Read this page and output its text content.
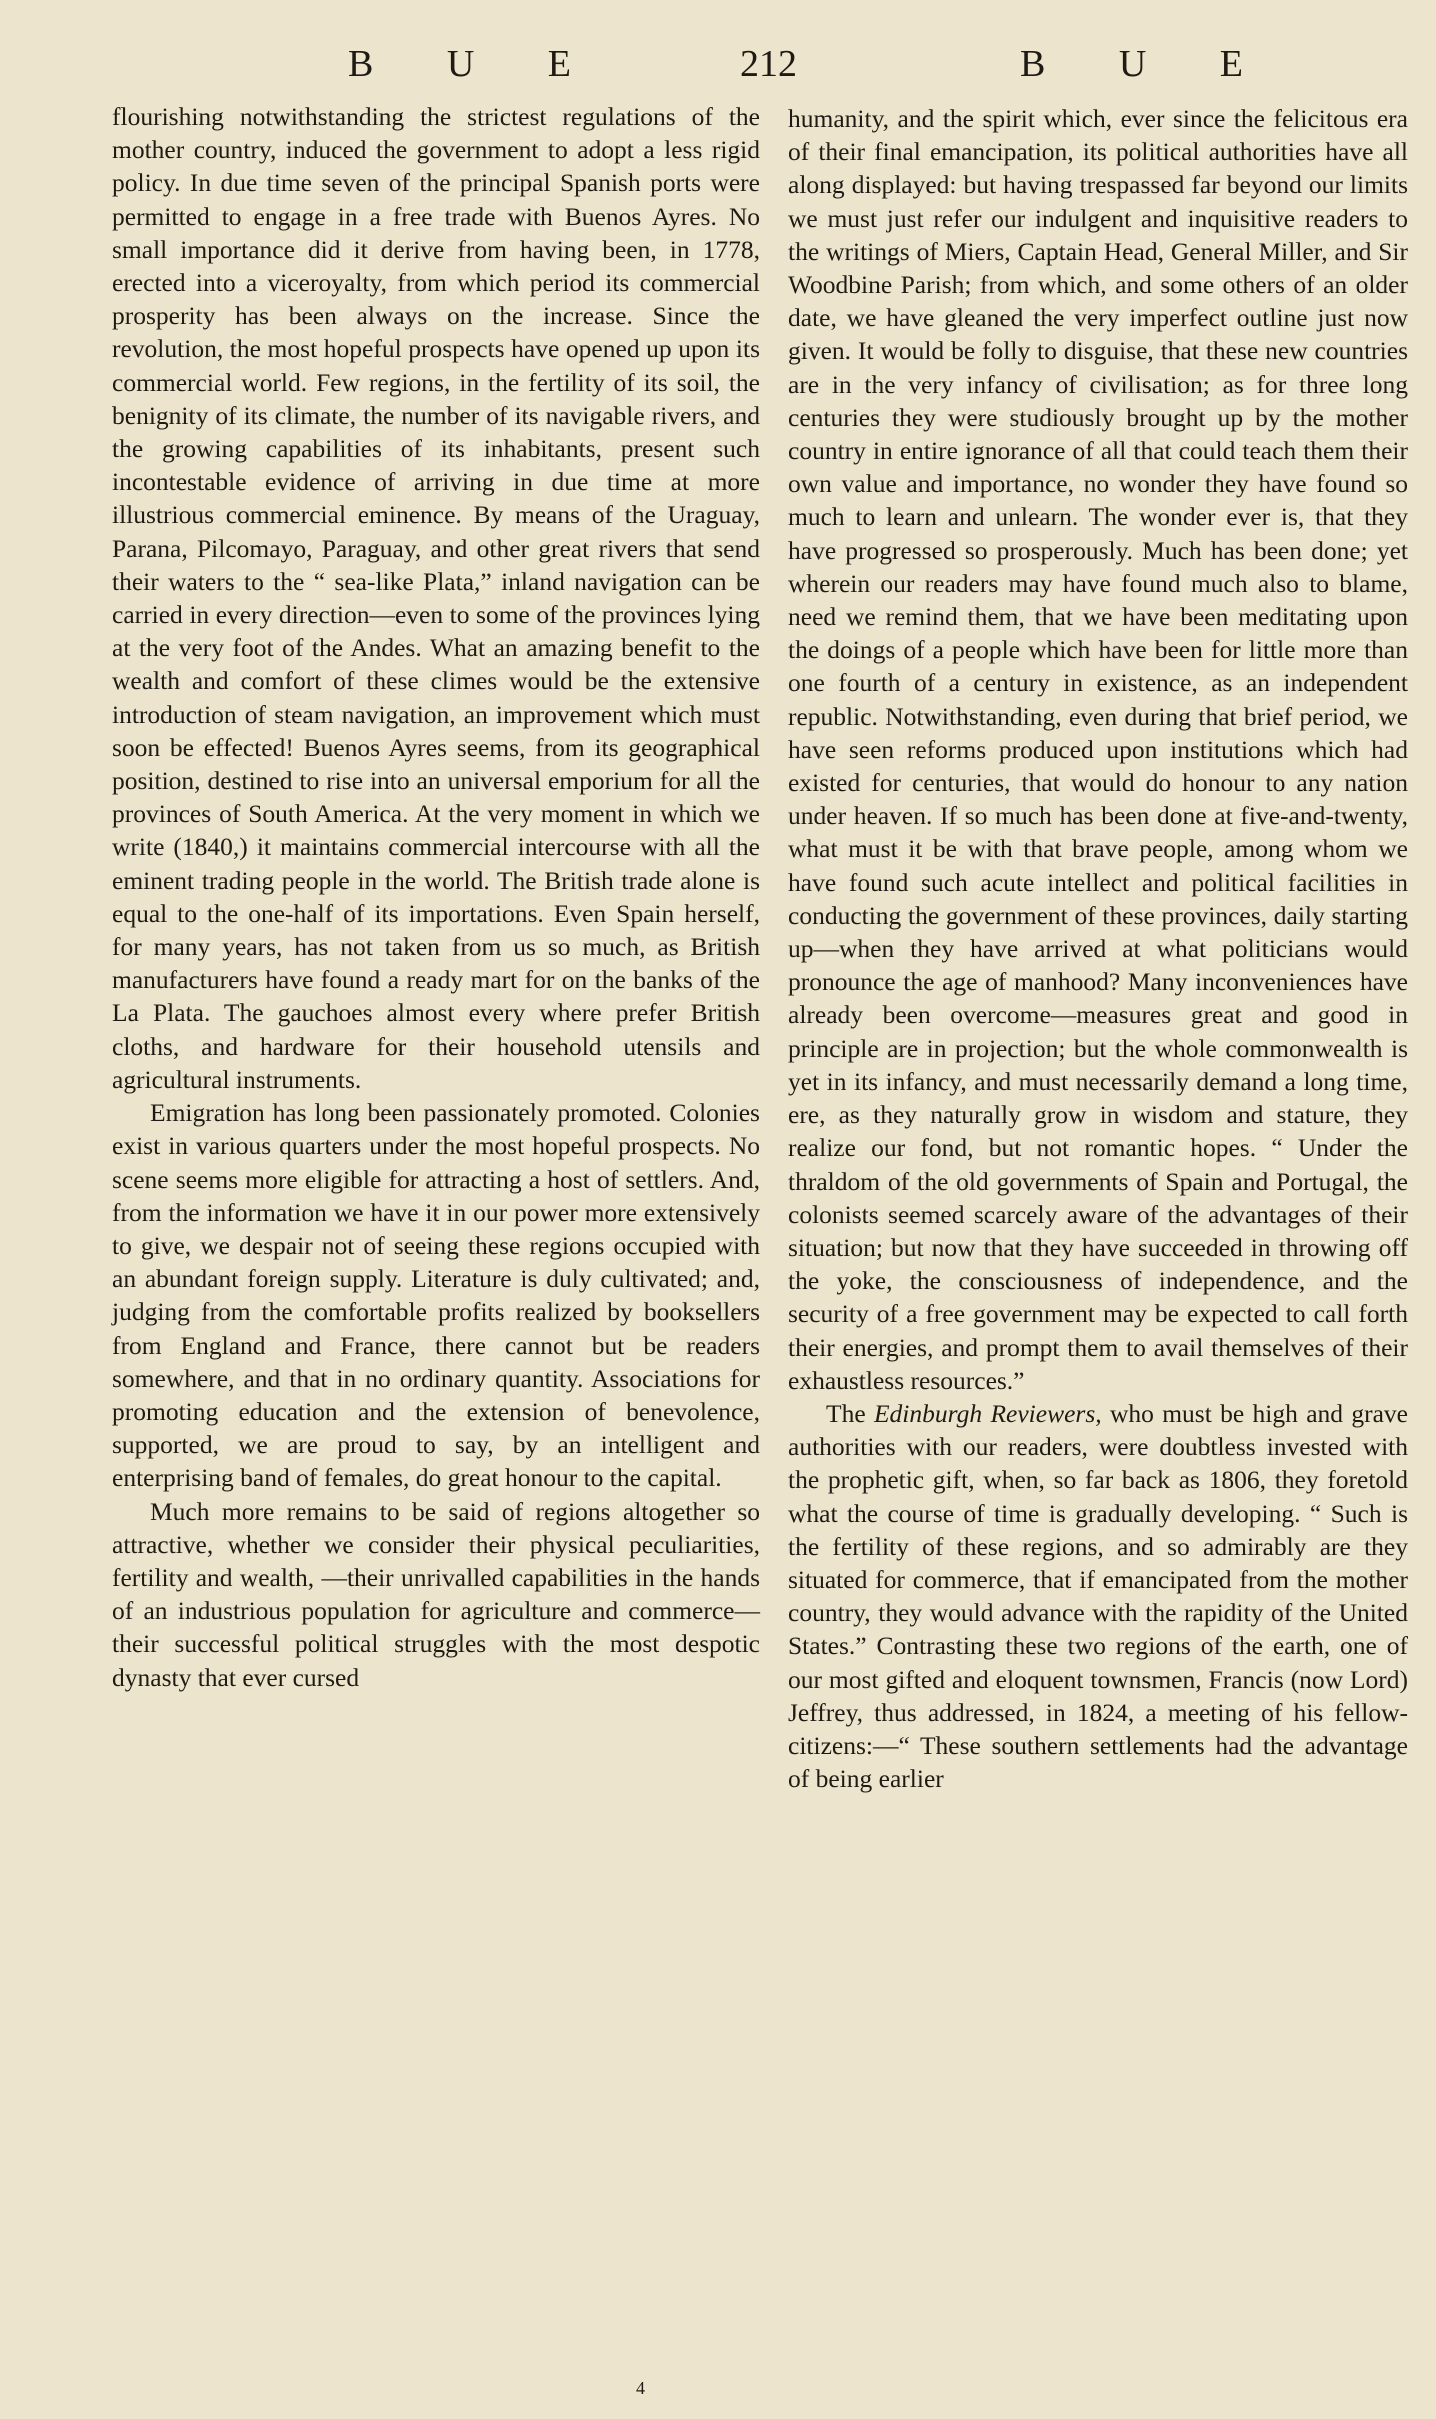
B U E	212	B U E

flourishing notwithstanding the strictest regulations of the mother country, induced the government to adopt a less rigid policy. In due time seven of the principal Spanish ports were permitted to engage in a free trade with Buenos Ayres. No small importance did it derive from having been, in 1778, erected into a viceroyalty, from which period its commercial prosperity has been always on the increase. Since the revolution, the most hopeful prospects have opened up upon its commercial world. Few regions, in the fertility of its soil, the benignity of its climate, the number of its navigable rivers, and the growing capabilities of its inhabitants, present such incontestable evidence of arriving in due time at more illustrious commercial eminence. By means of the Uraguay, Parana, Pilcomayo, Paraguay, and other great rivers that send their waters to the “ sea-like Plata,” inland navigation can be carried in every direction—even to some of the provinces lying at the very foot of the Andes. What an amazing benefit to the wealth and comfort of these climes would be the extensive introduction of steam navigation, an improvement which must soon be effected! Buenos Ayres seems, from its geographical position, destined to rise into an universal emporium for all the provinces of South America. At the very moment in which we write (1840,) it maintains commercial intercourse with all the eminent trading people in the world. The British trade alone is equal to the one-half of its importations. Even Spain herself, for many years, has not taken from us so much, as British manufacturers have found a ready mart for on the banks of the La Plata. The gauchoes almost every where prefer British cloths, and hardware for their household utensils and agricultural instruments.

Emigration has long been passionately promoted. Colonies exist in various quarters under the most hopeful prospects. No scene seems more eligible for attracting a host of settlers. And, from the information we have it in our power more extensively to give, we despair not of seeing these regions occupied with an abundant foreign supply. Literature is duly cultivated; and, judging from the comfortable profits realized by booksellers from England and France, there cannot but be readers somewhere, and that in no ordinary quantity. Associations for promoting education and the extension of benevolence, supported, we are proud to say, by an intelligent and enterprising band of females, do great honour to the capital.

Much more remains to be said of regions altogether so attractive, whether we consider their physical peculiarities, fertility and wealth, —their unrivalled capabilities in the hands of an industrious population for agriculture and commerce—their successful political struggles with the most despotic dynasty that ever cursed

humanity, and the spirit which, ever since the felicitous era of their final emancipation, its political authorities have all along displayed: but having trespassed far beyond our limits we must just refer our indulgent and inquisitive readers to the writings of Miers, Captain Head, General Miller, and Sir Woodbine Parish; from which, and some others of an older date, we have gleaned the very imperfect outline just now given. It would be folly to disguise, that these new countries are in the very infancy of civilisation; as for three long centuries they were studiously brought up by the mother country in entire ignorance of all that could teach them their own value and importance, no wonder they have found so much to learn and unlearn. The wonder ever is, that they have progressed so prosperously. Much has been done; yet wherein our readers may have found much also to blame, need we remind them, that we have been meditating upon the doings of a people which have been for little more than one fourth of a century in existence, as an independent republic. Notwithstanding, even during that brief period, we have seen reforms produced upon institutions which had existed for centuries, that would do honour to any nation under heaven. If so much has been done at five-and-twenty, what must it be with that brave people, among whom we have found such acute intellect and political facilities in conducting the government of these provinces, daily starting up—when they have arrived at what politicians would pronounce the age of manhood? Many inconveniences have already been overcome—measures great and good in principle are in projection; but the whole commonwealth is yet in its infancy, and must necessarily demand a long time, ere, as they naturally grow in wisdom and stature, they realize our fond, but not romantic hopes. “ Under the thraldom of the old governments of Spain and Portugal, the colonists seemed scarcely aware of the advantages of their situation; but now that they have succeeded in throwing off the yoke, the consciousness of independence, and the security of a free government may be expected to call forth their energies, and prompt them to avail themselves of their exhaustless resources.”

The Edinburgh Reviewers, who must be high and grave authorities with our readers, were doubtless invested with the prophetic gift, when, so far back as 1806, they foretold what the course of time is gradually developing. “ Such is the fertility of these regions, and so admirably are they situated for commerce, that if emancipated from the mother country, they would advance with the rapidity of the United States.” Contrasting these two regions of the earth, one of our most gifted and eloquent townsmen, Francis (now Lord) Jeffrey, thus addressed, in 1824, a meeting of his fellow-citizens:—“ These southern settlements had the advantage of being earlier

4
